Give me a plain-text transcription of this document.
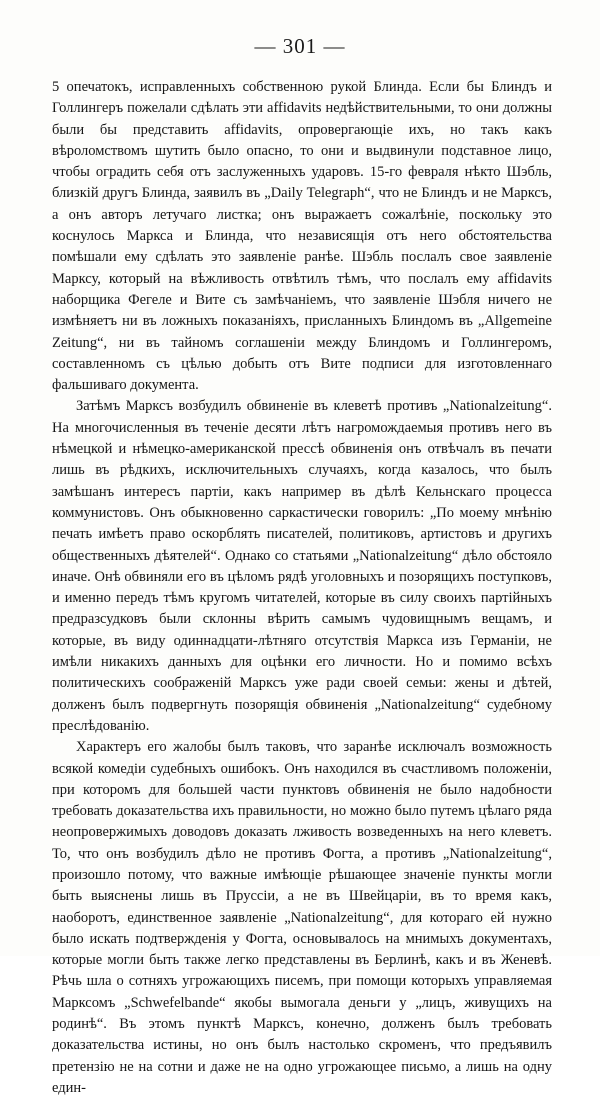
— 301 —

5 опечатокъ, исправленныхъ собственною рукой Блинда. Если бы Блиндъ и Голлингеръ пожелали сдѣлать эти affidavits недѣйствительными, то они должны были бы представить affidavits, опровергающіе ихъ, но такъ какъ вѣроломствомъ шутить было опасно, то они и выдвинули подставное лицо, чтобы оградить себя отъ заслуженныхъ ударовъ. 15-го февраля нѣкто Шэбль, близкій другъ Блинда, заявилъ въ „Daily Telegraph“, что не Блиндъ и не Марксъ, а онъ авторъ летучаго листка; онъ выражаетъ сожалѣніе, поскольку это коснулось Маркса и Блинда, что независящія отъ него обстоятельства помѣшали ему сдѣлать это заявленіе ранѣе. Шэбль послалъ свое заявленіе Марксу, который на вѣжливость отвѣтилъ тѣмъ, что послалъ ему affidavits наборщика Фегеле и Вите съ замѣчаніемъ, что заявленіе Шэбля ничего не измѣняетъ ни въ ложныхъ показаніяхъ, присланныхъ Блиндомъ въ „Allgemeine Zeitung“, ни въ тайномъ соглашеніи между Блиндомъ и Голлингеромъ, составленномъ съ цѣлью добыть отъ Вите подписи для изготовленнаго фальшиваго документа.

Затѣмъ Марксъ возбудилъ обвиненіе въ клеветѣ противъ „Nationalzeitung“. На многочисленныя въ теченіе десяти лѣтъ нагромождаемыя противъ него въ нѣмецкой и нѣмецко-американской прессѣ обвиненія онъ отвѣчалъ въ печати лишь въ рѣдкихъ, исключительныхъ случаяхъ, когда казалось, что былъ замѣшанъ интересъ партіи, какъ например въ дѣлѣ Кельнскаго процесса коммунистовъ. Онъ обыкновенно саркастически говорилъ: „По моему мнѣнію печать имѣетъ право оскорблять писателей, политиковъ, артистовъ и другихъ общественныхъ дѣятелей“. Однако со статьями „Nationalzeitung“ дѣло обстояло иначе. Онѣ обвиняли его въ цѣломъ рядѣ уголовныхъ и позорящихъ поступковъ, и именно передъ тѣмъ кругомъ читателей, которые въ силу своихъ партійныхъ предразсудковъ были склонны вѣрить самымъ чудовищнымъ вещамъ, и которые, въ виду одиннадцати-лѣтняго отсутствія Маркса изъ Германіи, не имѣли никакихъ данныхъ для оцѣнки его личности. Но и помимо всѣхъ политическихъ соображеній Марксъ уже ради своей семьи: жены и дѣтей, долженъ былъ подвергнуть позорящія обвиненія „Nationalzeitung“ судебному преслѣдованію.

Характеръ его жалобы былъ таковъ, что заранѣе исключалъ возможность всякой комедіи судебныхъ ошибокъ. Онъ находился въ счастливомъ положеніи, при которомъ для большей части пунктовъ обвиненія не было надобности требовать доказательства ихъ правильности, но можно было путемъ цѣлаго ряда неопровержимыхъ доводовъ доказать лживость возведенныхъ на него клеветъ. То, что онъ возбудилъ дѣло не противъ Фогта, а противъ „Nationalzeitung“, произошло потому, что важные имѣющіе рѣшающее значеніе пункты могли быть выяснены лишь въ Пруссіи, а не въ Швейцаріи, въ то время какъ, наоборотъ, единственное заявленіе „Nationalzeitung“, для котораго ей нужно было искать подтвержденія у Фогта, основывалось на мнимыхъ документахъ, которые могли быть также легко представлены въ Берлинѣ, какъ и въ Женевѣ. Рѣчь шла о сотняхъ угрожающихъ писемъ, при помощи которыхъ управляемая Марксомъ „Schwefelbande“ якобы вымогала деньги у „лицъ, живущихъ на родинѣ“. Въ этомъ пунктѣ Марксъ, конечно, долженъ былъ требовать доказательства истины, но онъ былъ настолько скроменъ, что предъявилъ претензію не на сотни и даже не на одно угрожающее письмо, а лишь на одну един-
